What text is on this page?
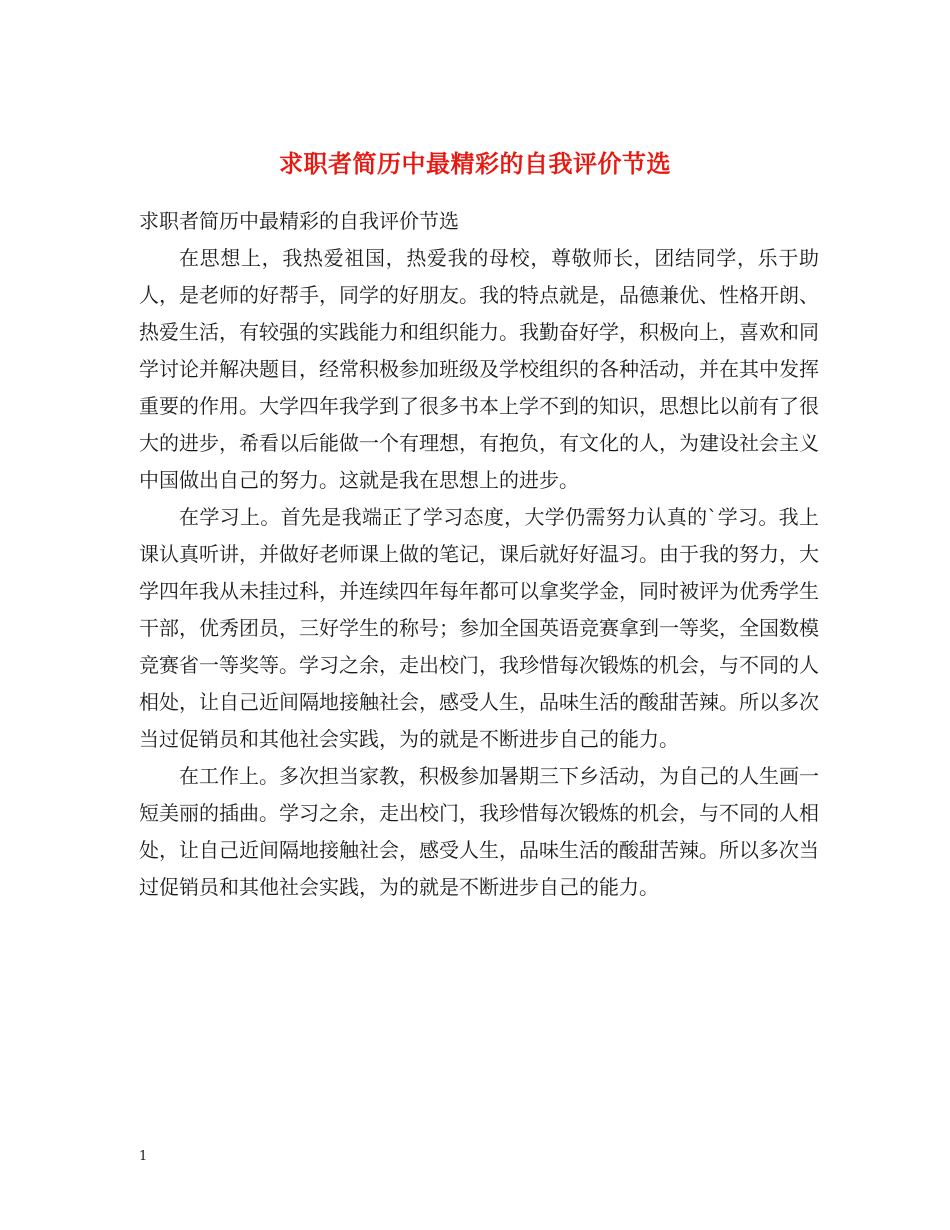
求职者简历中最精彩的自我评价节选

求职者简历中最精彩的自我评价节选

在思想上，我热爱祖国，热爱我的母校，尊敬师长，团结同学，乐于助人，是老师的好帮手，同学的好朋友。我的特点就是，品德兼优、性格开朗、热爱生活，有较强的实践能力和组织能力。我勤奋好学，积极向上，喜欢和同学讨论并解决题目，经常积极参加班级及学校组织的各种活动，并在其中发挥重要的作用。大学四年我学到了很多书本上学不到的知识，思想比以前有了很大的进步，希看以后能做一个有理想，有抱负，有文化的人，为建设社会主义中国做出自己的努力。这就是我在思想上的进步。

在学习上。首先是我端正了学习态度，大学仍需努力认真的`学习。我上课认真听讲，并做好老师课上做的笔记，课后就好好温习。由于我的努力，大学四年我从未挂过科，并连续四年每年都可以拿奖学金，同时被评为优秀学生干部，优秀团员，三好学生的称号；参加全国英语竞赛拿到一等奖，全国数模竞赛省一等奖等。学习之余，走出校门，我珍惜每次锻炼的机会，与不同的人相处，让自己近间隔地接触社会，感受人生，品味生活的酸甜苦辣。所以多次当过促销员和其他社会实践，为的就是不断进步自己的能力。

在工作上。多次担当家教，积极参加暑期三下乡活动，为自己的人生画一短美丽的插曲。学习之余，走出校门，我珍惜每次锻炼的机会，与不同的人相处，让自己近间隔地接触社会，感受人生，品味生活的酸甜苦辣。所以多次当过促销员和其他社会实践，为的就是不断进步自己的能力。

1
